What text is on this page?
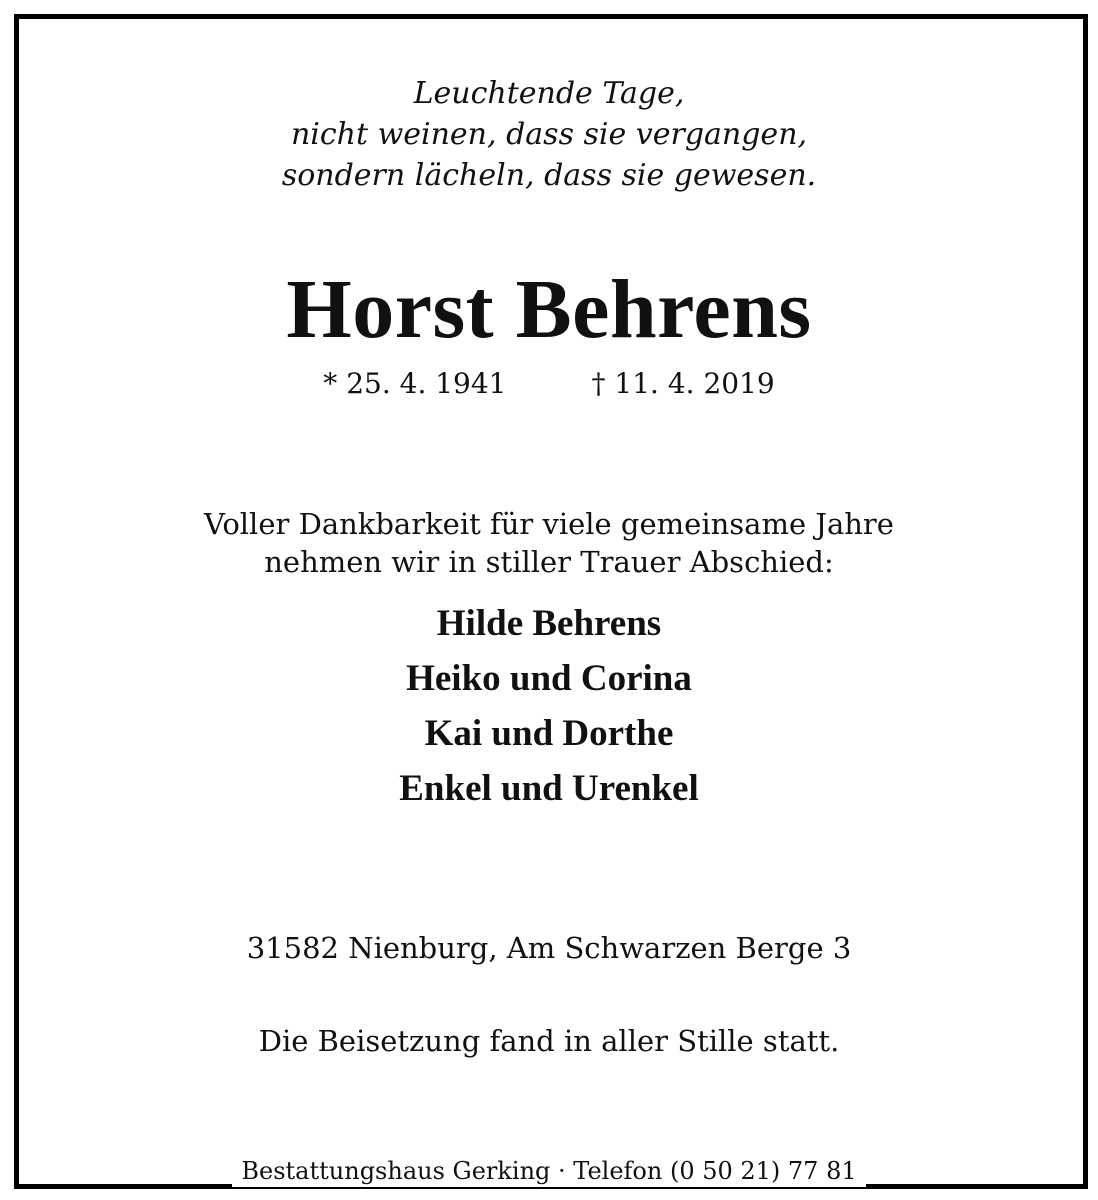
Leuchtende Tage,
nicht weinen, dass sie vergangen,
sondern lächeln, dass sie gewesen.
Horst Behrens
* 25. 4. 1941	† 11. 4. 2019
Voller Dankbarkeit für viele gemeinsame Jahre
nehmen wir in stiller Trauer Abschied:
Hilde Behrens
Heiko und Corina
Kai und Dorthe
Enkel und Urenkel
31582 Nienburg, Am Schwarzen Berge 3
Die Beisetzung fand in aller Stille statt.
Bestattungshaus Gerking · Telefon (0 50 21) 77 81
